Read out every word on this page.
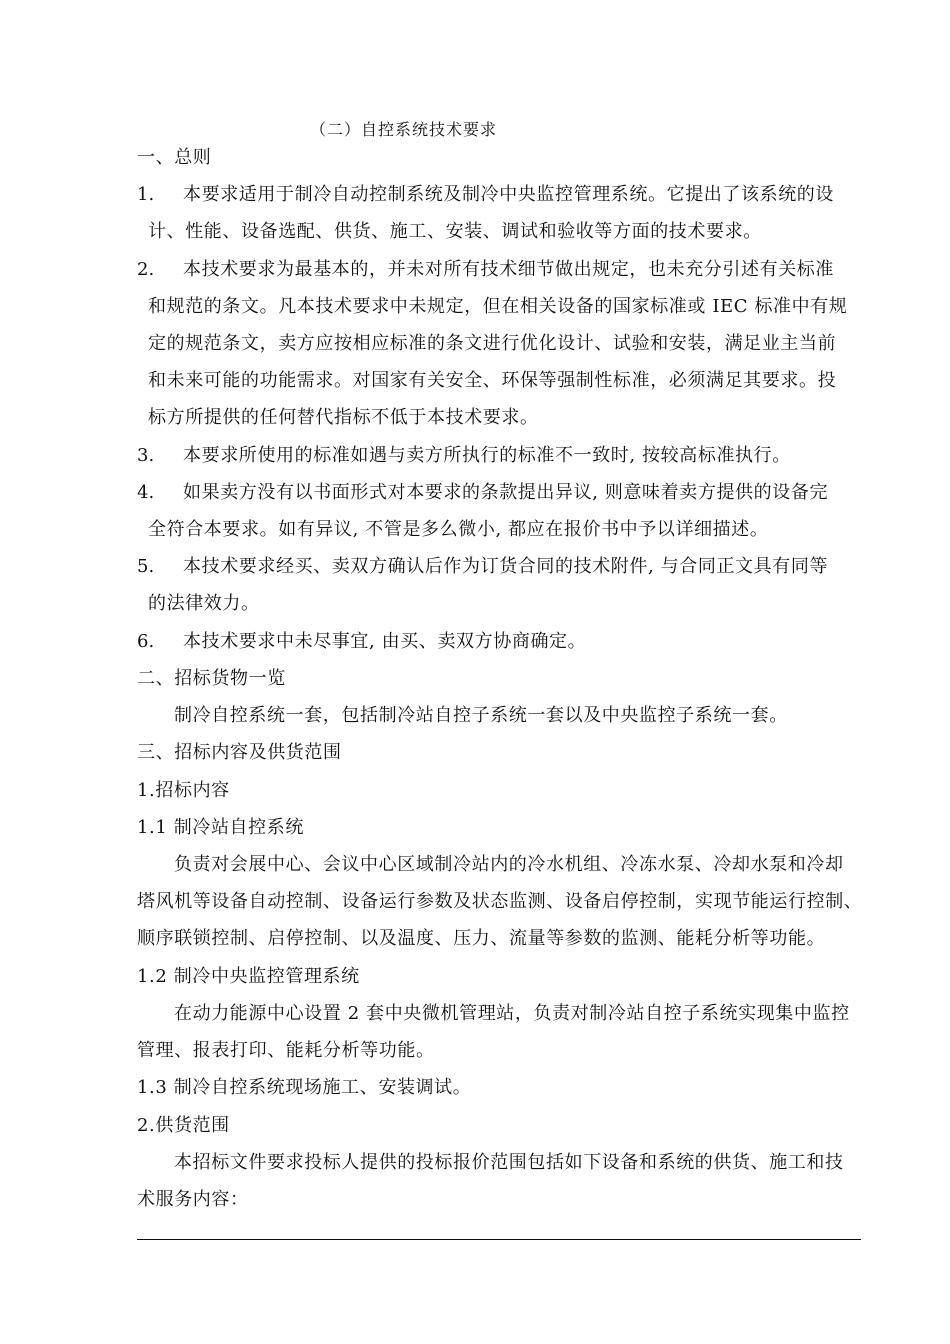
（二）自控系统技术要求
一、总则
1. 本要求适用于制冷自动控制系统及制冷中央监控管理系统。它提出了该系统的设
计、性能、设备选配、供货、施工、安装、调试和验收等方面的技术要求。
2. 本技术要求为最基本的，并未对所有技术细节做出规定，也未充分引述有关标准
和规范的条文。凡本技术要求中未规定，但在相关设备的国家标准或 IEC 标准中有规
定的规范条文，卖方应按相应标准的条文进行优化设计、试验和安装，满足业主当前
和未来可能的功能需求。对国家有关安全、环保等强制性标准，必须满足其要求。投
标方所提供的任何替代指标不低于本技术要求。
3. 本要求所使用的标准如遇与卖方所执行的标准不一致时, 按较高标准执行。
4. 如果卖方没有以书面形式对本要求的条款提出异议, 则意味着卖方提供的设备完
全符合本要求。如有异议, 不管是多么微小, 都应在报价书中予以详细描述。
5. 本技术要求经买、卖双方确认后作为订货合同的技术附件, 与合同正文具有同等
的法律效力。
6. 本技术要求中未尽事宜, 由买、卖双方协商确定。
二、招标货物一览
制冷自控系统一套，包括制冷站自控子系统一套以及中央监控子系统一套。
三、招标内容及供货范围
1.招标内容
1.1 制冷站自控系统
负责对会展中心、会议中心区域制冷站内的冷水机组、冷冻水泵、冷却水泵和冷却
塔风机等设备自动控制、设备运行参数及状态监测、设备启停控制，实现节能运行控制、
顺序联锁控制、启停控制、以及温度、压力、流量等参数的监测、能耗分析等功能。
1.2 制冷中央监控管理系统
在动力能源中心设置 2 套中央微机管理站，负责对制冷站自控子系统实现集中监控
管理、报表打印、能耗分析等功能。
1.3 制冷自控系统现场施工、安装调试。
2.供货范围
本招标文件要求投标人提供的投标报价范围包括如下设备和系统的供货、施工和技
术服务内容：
